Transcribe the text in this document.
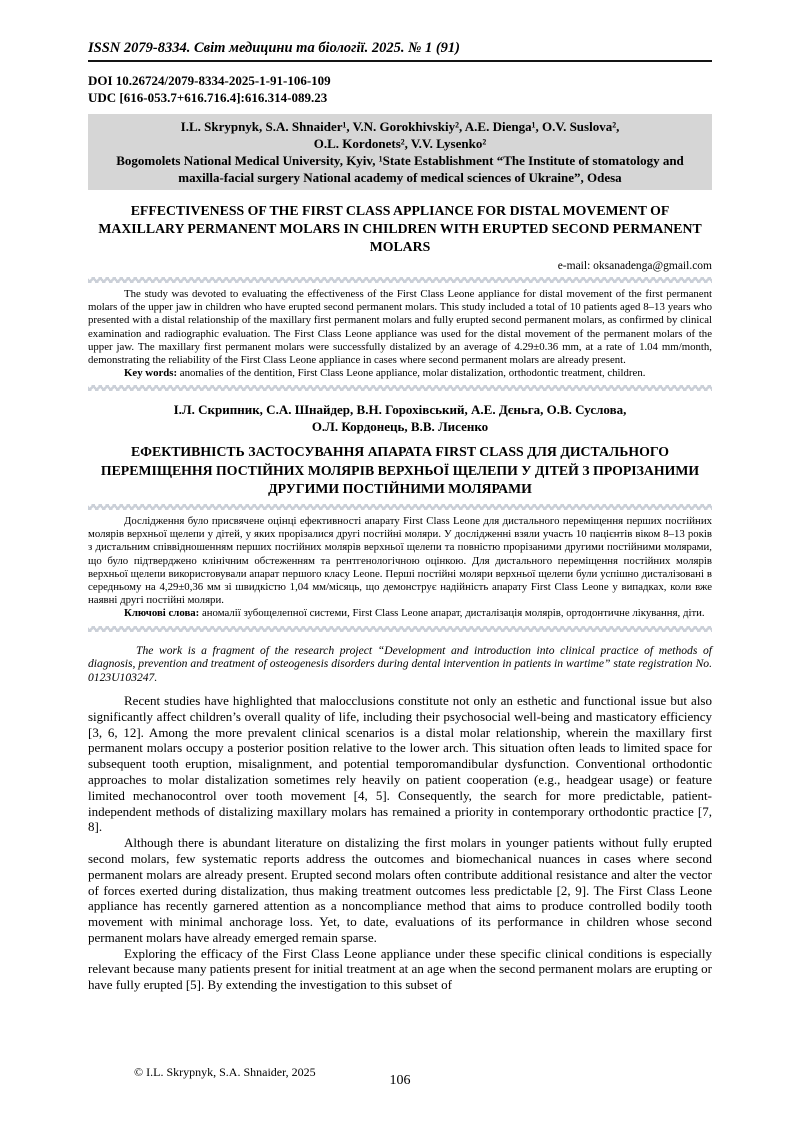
ISSN 2079-8334. Світ медицини та біології. 2025. № 1 (91)
DOI 10.26724/2079-8334-2025-1-91-106-109
UDC [616-053.7+616.716.4]:616.314-089.23
I.L. Skrypnyk, S.A. Shnaider¹, V.N. Gorokhivskiy², A.E. Dienga¹, O.V. Suslova²,
O.L. Kordonets², V.V. Lysenko²
Bogomolets National Medical University, Kyiv, ¹State Establishment “The Institute of stomatology and maxilla-facial surgery National academy of medical sciences of Ukraine”, Odesa
EFFECTIVENESS OF THE FIRST CLASS APPLIANCE FOR DISTAL MOVEMENT OF MAXILLARY PERMANENT MOLARS IN CHILDREN WITH ERUPTED SECOND PERMANENT MOLARS
e-mail: oksanadenga@gmail.com

The study was devoted to evaluating the effectiveness of the First Class Leone appliance for distal movement of the first permanent molars of the upper jaw in children who have erupted second permanent molars. This study included a total of 10 patients aged 8–13 years who presented with a distal relationship of the maxillary first permanent molars and fully erupted second permanent molars, as confirmed by clinical examination and radiographic evaluation. The First Class Leone appliance was used for the distal movement of the permanent molars of the upper jaw. The maxillary first permanent molars were successfully distalized by an average of 4.29±0.36 mm, at a rate of 1.04 mm/month, demonstrating the reliability of the First Class Leone appliance in cases where second permanent molars are already present.

Key words: anomalies of the dentition, First Class Leone appliance, molar distalization, orthodontic treatment, children.

І.Л. Скрипник, С.А. Шнайдер, В.Н. Горохівський, А.Е. Дєньга, О.В. Суслова,
О.Л. Кордонець, В.В. Лисенко
ЕФЕКТИВНІСТЬ ЗАСТОСУВАННЯ АПАРАТА FIRST CLASS ДЛЯ ДИСТАЛЬНОГО ПЕРЕМІЩЕННЯ ПОСТІЙНИХ МОЛЯРІВ ВЕРХНЬОЇ ЩЕЛЕПИ У ДІТЕЙ З ПРОРІЗАНИМИ ДРУГИМИ ПОСТІЙНИМИ МОЛЯРАМИ

Дослідження було присвячене оцінці ефективності апарату First Class Leone для дистального переміщення перших постійних молярів верхньої щелепи у дітей, у яких прорізалися другі постійні моляри. У дослідженні взяли участь 10 пацієнтів віком 8–13 років з дистальним співвідношенням перших постійних молярів верхньої щелепи та повністю прорізаними другими постійними молярами, що було підтверджено клінічним обстеженням та рентгенологічною оцінкою. Для дистального переміщення постійних молярів верхньої щелепи використовували апарат першого класу Leone. Перші постійні моляри верхньої щелепи були успішно дисталізовані в середньому на 4,29±0,36 мм зі швидкістю 1,04 мм/місяць, що демонструє надійність апарату First Class Leone у випадках, коли вже наявні другі постійні моляри.

Ключові слова: аномалії зубощелепної системи, First Class Leone апарат, дисталізація молярів, ортодонтичне лікування, діти.

The work is a fragment of the research project “Development and introduction into clinical practice of methods of diagnosis, prevention and treatment of osteogenesis disorders during dental intervention in patients in wartime” state registration No. 0123U103247.

Recent studies have highlighted that malocclusions constitute not only an esthetic and functional issue but also significantly affect children’s overall quality of life, including their psychosocial well-being and masticatory efficiency [3, 6, 12]. Among the more prevalent clinical scenarios is a distal molar relationship, wherein the maxillary first permanent molars occupy a posterior position relative to the lower arch. This situation often leads to limited space for subsequent tooth eruption, misalignment, and potential temporomandibular dysfunction. Conventional orthodontic approaches to molar distalization sometimes rely heavily on patient cooperation (e.g., headgear usage) or feature limited mechanocontrol over tooth movement [4, 5]. Consequently, the search for more predictable, patient-independent methods of distalizing maxillary molars has remained a priority in contemporary orthodontic practice [7, 8].

Although there is abundant literature on distalizing the first molars in younger patients without fully erupted second molars, few systematic reports address the outcomes and biomechanical nuances in cases where second permanent molars are already present. Erupted second molars often contribute additional resistance and alter the vector of forces exerted during distalization, thus making treatment outcomes less predictable [2, 9]. The First Class Leone appliance has recently garnered attention as a noncompliance method that aims to produce controlled bodily tooth movement with minimal anchorage loss. Yet, to date, evaluations of its performance in children whose second permanent molars have already emerged remain sparse.

Exploring the efficacy of the First Class Leone appliance under these specific clinical conditions is especially relevant because many patients present for initial treatment at an age when the second permanent molars are erupting or have fully erupted [5]. By extending the investigation to this subset of

© I.L. Skrypnyk, S.A. Shnaider, 2025
106
